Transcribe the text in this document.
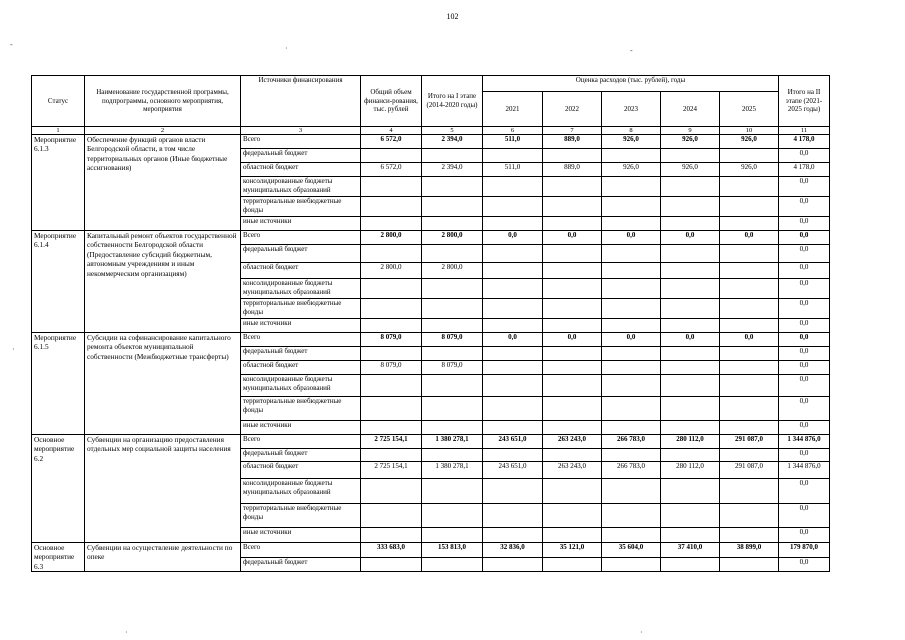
102
-	·	-
·
·	·
Статус	Наименование государственной программы, подпрограммы, основного мероприятия, мероприятия	Источники финансирования	Общий объем финанси-рования, тыс. рублей	Итого на I этапе (2014-2020 годы)	Оценка расходов (тыс. рублей), годы					Итого на II этапе (2021-2025 годы)
					2021	2022	2023	2024	2025	
1	2	3	4	5	6	7	8	9	10	11
Мероприятие 6.1.3	Обеспечение функций органов власти Белгородской области, в том числе территориальных органов (Иные бюджетные ассигнования)	Всего	6 572,0	2 394,0	511,0	889,0	926,0	926,0	926,0	4 178,0
		федеральный бюджет								0,0
		областной бюджет	6 572,0	2 394,0	511,0	889,0	926,0	926,0	926,0	4 178,0
		консолидированные бюджеты муниципальных образований								0,0
		территориальные внебюджетные фонды								0,0
		иные источники								0,0
Мероприятие 6.1.4	Капитальный ремонт объектов государственной собственности Белгородской области (Предоставление субсидий бюджетным, автономным учреждениям и иным некоммерческим организациям)	Всего	2 800,0	2 800,0	0,0	0,0	0,0	0,0	0,0	0,0
		федеральный бюджет								0,0
		областной бюджет	2 800,0	2 800,0						0,0
		консолидированные бюджеты муниципальных образований								0,0
		территориальные внебюджетные фонды								0,0
		иные источники								0,0
Мероприятие 6.1.5	Субсидии на софинансирование капитального ремонта объектов муниципальной собственности (Межбюджетные трансферты)	Всего	8 079,0	8 079,0	0,0	0,0	0,0	0,0	0,0	0,0
		федеральный бюджет								0,0
		областной бюджет	8 079,0	8 079,0						0,0
		консолидированные бюджеты муниципальных образований								0,0
		территориальные внебюджетные фонды								0,0
		иные источники								0,0
Основное мероприятие 6.2	Субвенции на организацию предоставления отдельных мер социальной защиты населения	Всего	2 725 154,1	1 380 278,1	243 651,0	263 243,0	266 783,0	280 112,0	291 087,0	1 344 876,0
		федеральный бюджет								0,0
		областной бюджет	2 725 154,1	1 380 278,1	243 651,0	263 243,0	266 783,0	280 112,0	291 087,0	1 344 876,0
		консолидированные бюджеты муниципальных образований								0,0
		территориальные внебюджетные фонды								0,0
		иные источники								0,0
Основное мероприятие 6.3	Субвенции на осуществление деятельности по опеке	Всего	333 683,0	153 813,0	32 836,0	35 121,0	35 604,0	37 410,0	38 899,0	179 870,0
		федеральный бюджет								0,0
